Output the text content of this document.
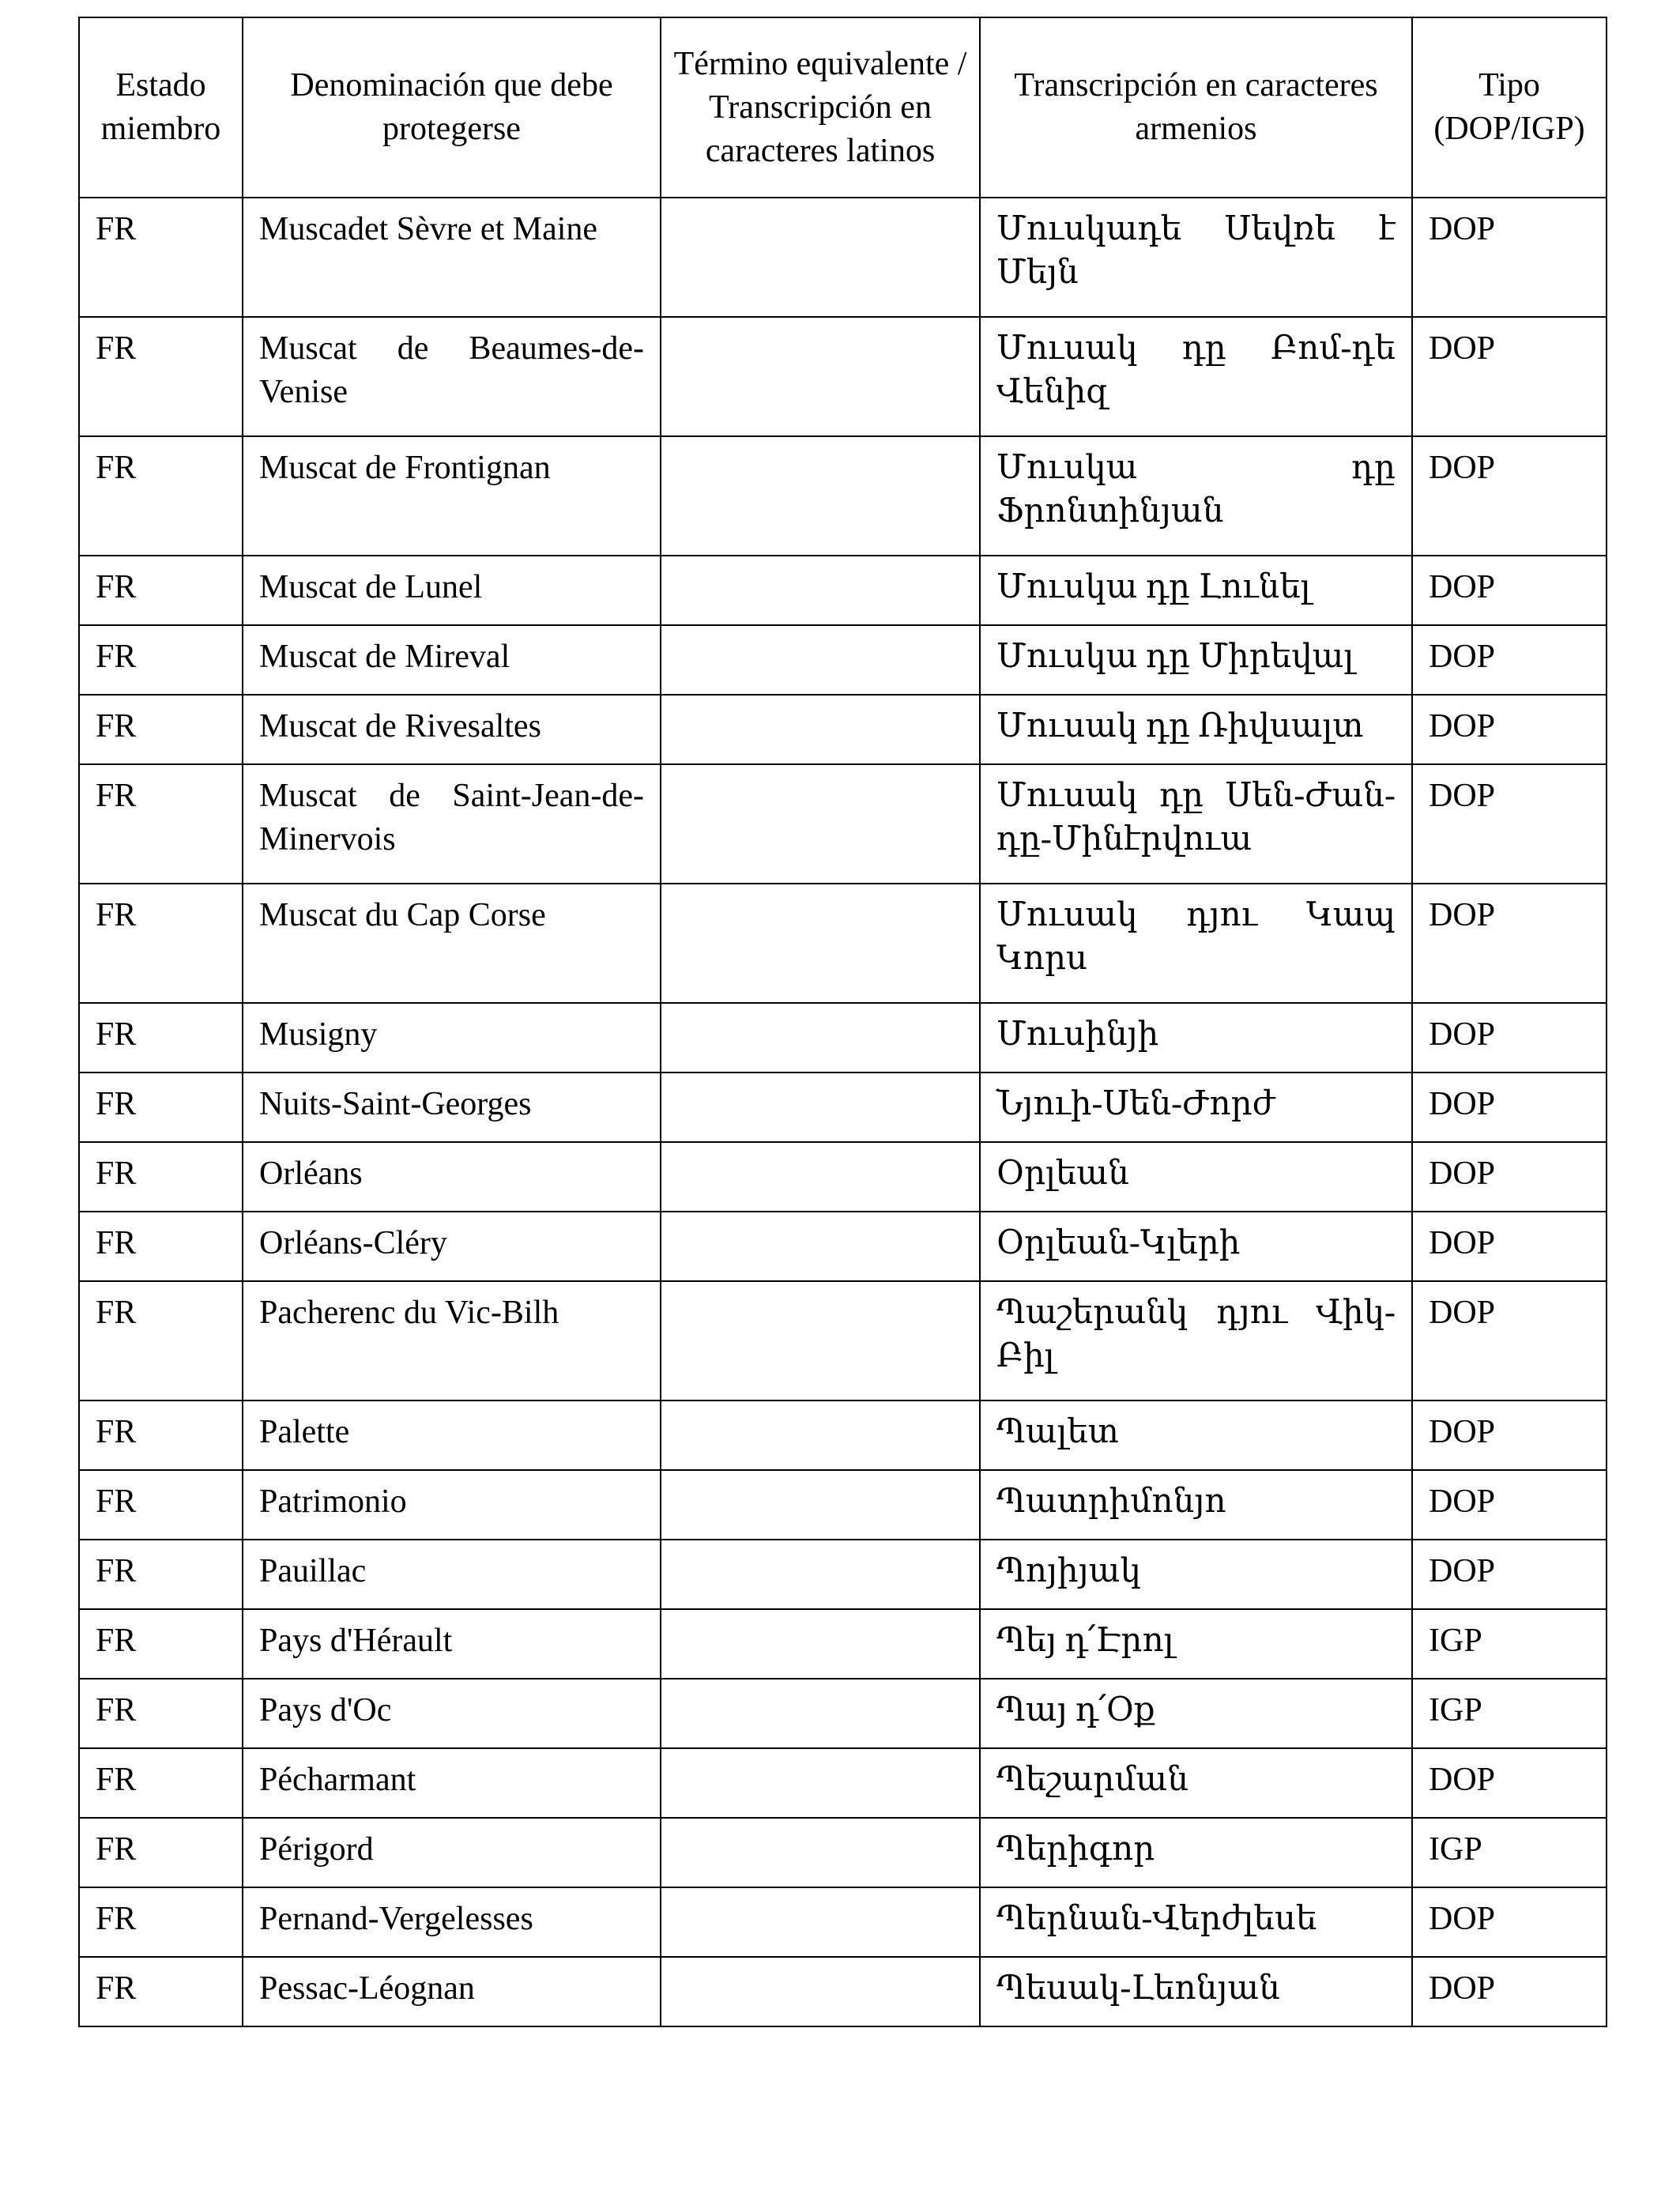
Estado miembro	Denominación que debe protegerse	Término equivalente / Transcripción en caracteres latinos	Transcripción en caracteres armenios	Tipo (DOP/IGP)
FR	Muscadet Sèvre et Maine		Մուսկադե Սեվռե է Մեյն	DOP
FR	Muscat de Beaumes-de-Venise		Մուսակ դը Բոմ-դե Վենիզ	DOP
FR	Muscat de Frontignan		Մուսկա դը Ֆրոնտինյան	DOP
FR	Muscat de Lunel		Մուսկա դը Լունել	DOP
FR	Muscat de Mireval		Մուսկա դը Միրեվալ	DOP
FR	Muscat de Rivesaltes		Մուսակ դը Ռիվսալտ	DOP
FR	Muscat de Saint-Jean-de-Minervois		Մուսակ դը Սեն-Ժան-դը-Մինէրվուա	DOP
FR	Muscat du Cap Corse		Մուսակ դյու Կապ Կորս	DOP
FR	Musigny		Մուսինյի	DOP
FR	Nuits-Saint-Georges		Նյուի-Սեն-Ժորժ	DOP
FR	Orléans		Օրլեան	DOP
FR	Orléans-Cléry		Օրլեան-Կլերի	DOP
FR	Pacherenc du Vic-Bilh		Պաշերանկ դյու Վիկ-Բիլ	DOP
FR	Palette		Պալետ	DOP
FR	Patrimonio		Պատրիմոնյո	DOP
FR	Pauillac		Պոյիյակ	DOP
FR	Pays d'Hérault		Պեյ դ՛Էրոլ	IGP
FR	Pays d'Oc		Պայ դ՛Օք	IGP
FR	Pécharmant		Պեշարման	DOP
FR	Périgord		Պերիգոր	IGP
FR	Pernand-Vergelesses		Պերնան-Վերժլեսե	DOP
FR	Pessac-Léognan		Պեսակ-Լեոնյան	DOP
